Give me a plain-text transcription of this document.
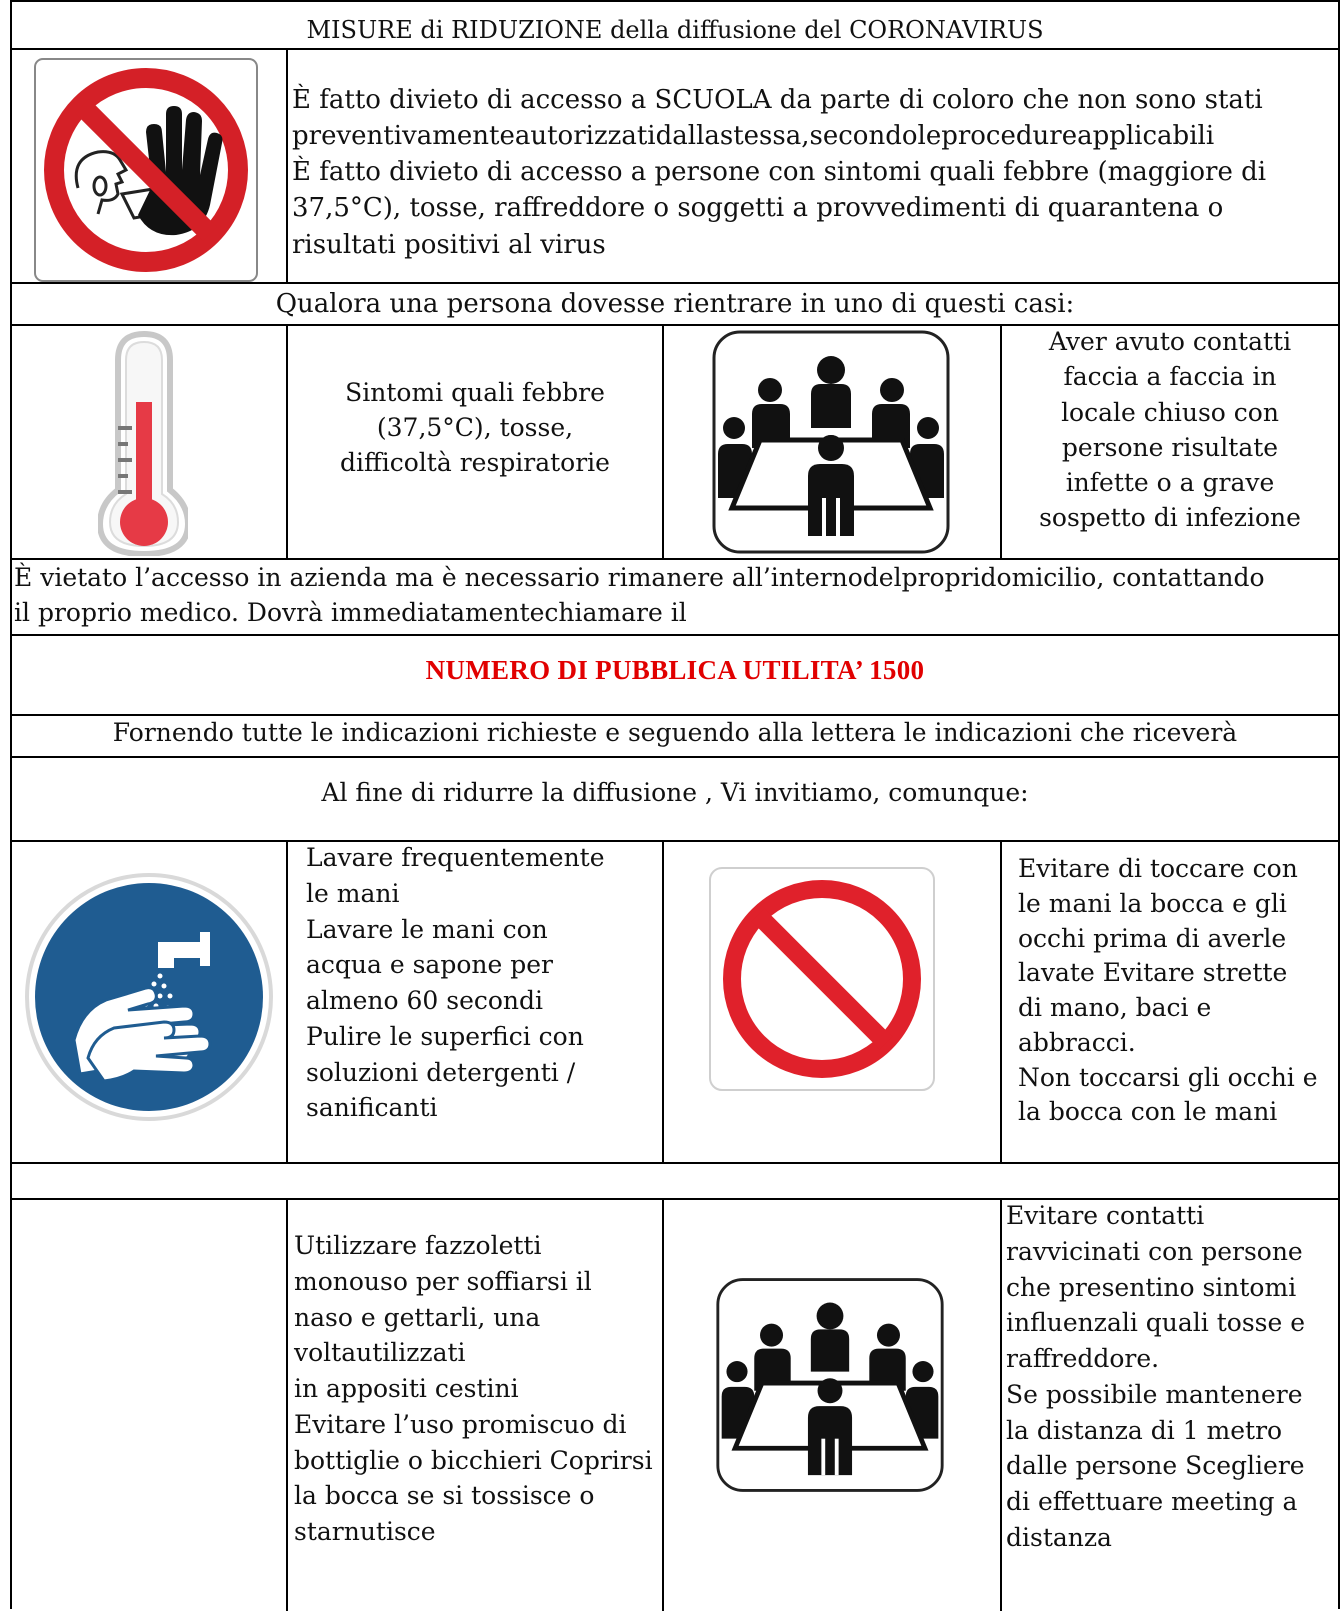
MISURE di RIDUZIONE della diffusione del CORONAVIRUS
È fatto divieto di accesso a SCUOLA da parte di coloro che non sono stati
preventivamenteautorizzatidallastessa,secondoleprocedureapplicabili
È fatto divieto di accesso a persone con sintomi quali febbre (maggiore di
37,5°C), tosse, raffreddore o soggetti a provvedimenti di quarantena o
risultati positivi al virus
Qualora una persona dovesse rientrare in uno di questi casi:
Sintomi quali febbre
(37,5°C), tosse,
difficoltà respiratorie
Aver avuto contatti
faccia a faccia in
locale chiuso con
persone risultate
infette o a grave
sospetto di infezione
È vietato l’accesso in azienda ma è necessario rimanere all’internodelpropridomicilio, contattando
il proprio medico. Dovrà immediatamentechiamare il
NUMERO DI PUBBLICA UTILITA’ 1500
Fornendo tutte le indicazioni richieste e seguendo alla lettera le indicazioni che riceverà
Al fine di ridurre la diffusione , Vi invitiamo, comunque:
Lavare frequentemente
le mani
Lavare le mani con
acqua e sapone per
almeno 60 secondi
Pulire le superfici con
soluzioni detergenti /
sanificanti
Evitare di toccare con
le mani la bocca e gli
occhi prima di averle
lavate Evitare strette
di mano, baci e
abbracci.
Non toccarsi gli occhi e
la bocca con le mani
Utilizzare fazzoletti
monouso per soffiarsi il
naso e gettarli, una
voltautilizzati
in appositi cestini
Evitare l’uso promiscuo di
bottiglie o bicchieri Coprirsi
la bocca se si tossisce o
starnutisce
Evitare contatti
ravvicinati con persone
che presentino sintomi
influenzali quali tosse e
raffreddore.
Se possibile mantenere
la distanza di 1 metro
dalle persone Scegliere
di effettuare meeting a
distanza
